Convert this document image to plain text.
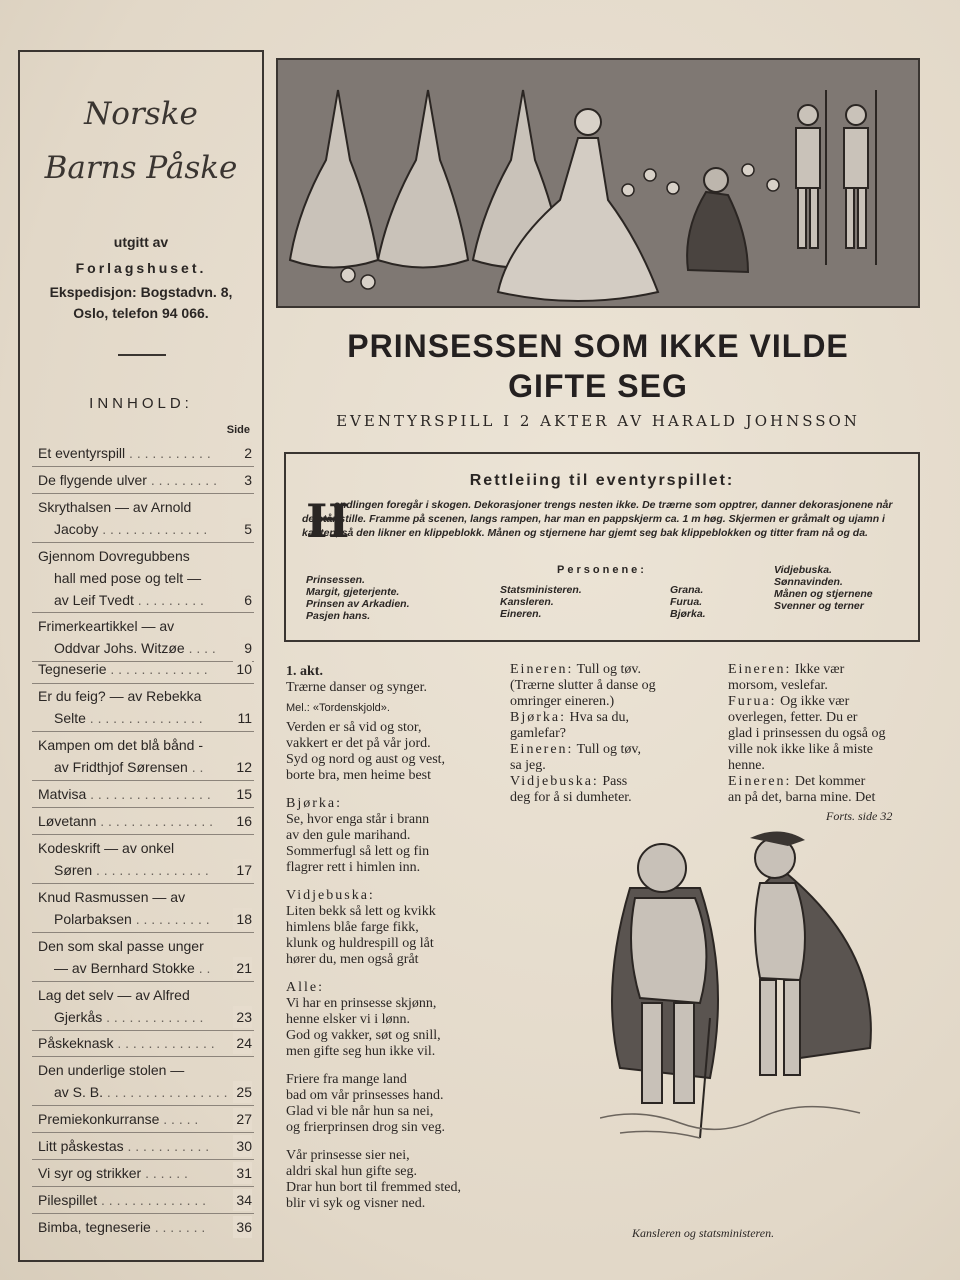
Norske
Barns Påske
utgitt av
Forlagshuset.
Ekspedisjon: Bogstadvn. 8,
Oslo, telefon 94 066.
INNHOLD:
Side
Et eventyrspill . . . . . . . . . . .	2
De flygende ulver . . . . . . . . .	3
Skrythalsen — av Arnold
Jacoby . . . . . . . . . . . . . .	5
Gjennom Dovregubbens
hall med pose og telt —
av Leif Tvedt . . . . . . . . .	6
Frimerkeartikkel — av
Oddvar Johs. Witzøe . . . .	9
Tegneserie . . . . . . . . . . . . .	10
Er du feig? — av Rebekka
Selte . . . . . . . . . . . . . . .	11
Kampen om det blå bånd -
av Fridthjof Sørensen . .	12
Matvisa . . . . . . . . . . . . . . . .	15
Løvetann . . . . . . . . . . . . . . .	16
Kodeskrift — av onkel
Søren . . . . . . . . . . . . . . .	17
Knud Rasmussen — av
Polarbaksen . . . . . . . . . .	18
Den som skal passe unger
— av Bernhard Stokke . .	21
Lag det selv — av Alfred
Gjerkås . . . . . . . . . . . . .	23
Påskeknask . . . . . . . . . . . . .	24
Den underlige stolen —
av S. B. . . . . . . . . . . . . . . . . 25
Premiekonkurranse . . . . .	27
Litt påskestas . . . . . . . . . . .	30
Vi syr og strikker . . . . . .	31
Pilespillet . . . . . . . . . . . . . .	34
Bimba, tegneserie . . . . . . .	36
PRINSESSEN SOM IKKE VILDE
GIFTE SEG
EVENTYRSPILL I 2 AKTER AV HARALD JOHNSSON
Rettleiing til eventyrspillet:
H
andlingen foregår i skogen. Dekorasjoner trengs nesten ikke. De trærne som opptrer, danner dekorasjonene når de står stille. Framme på scenen, langs rampen, har man en pappskjerm ca. 1 m høg. Skjermen er gråmalt og ujamn i kanten, så den likner en klippeblokk. Månen og stjernene har gjemt seg bak klippeblokken og titter fram nå og da.
Personene:
Prinsessen.
Margit, gjeterjente.
Prinsen av Arkadien.
Pasjen hans.
Statsministeren.
Kansleren.
Eineren.
Grana.
Furua.
Bjørka.
Vidjebuska.
Sønnavinden.
Månen og stjernene
Svenner og terner
1. akt.
Trærne danser og synger.
Mel.: «Tordenskjold».
Verden er så vid og stor,
vakkert er det på vår jord.
Syd og nord og aust og vest,
borte bra, men heime best
Bjørka:
Se, hvor enga står i brann
av den gule marihand.
Sommerfugl så lett og fin
flagrer rett i himlen inn.
Vidjebuska:
Liten bekk så lett og kvikk
himlens blåe farge fikk,
klunk og huldrespill og låt
hører du, men også gråt
Alle:
Vi har en prinsesse skjønn,
henne elsker vi i lønn.
God og vakker, søt og snill,
men gifte seg hun ikke vil.
Friere fra mange land
bad om vår prinsesses hand.
Glad vi ble når hun sa nei,
og frierprinsen drog sin veg.
Vår prinsesse sier nei,
aldri skal hun gifte seg.
Drar hun bort til fremmed sted,
blir vi syk og visner ned.
Eineren: Tull og tøv.
(Trærne slutter å danse og
omringer eineren.)
Bjørka: Hva sa du,
gamlefar?
Eineren: Tull og tøv,
sa jeg.
Vidjebuska: Pass
deg for å si dumheter.
Eineren: Ikke vær
morsom, veslefar.
Furua: Og ikke vær
overlegen, fetter. Du er
glad i prinsessen du også og
ville nok ikke like å miste
henne.
Eineren: Det kommer
an på det, barna mine. Det
Forts. side 32
Kansleren og statsministeren.
